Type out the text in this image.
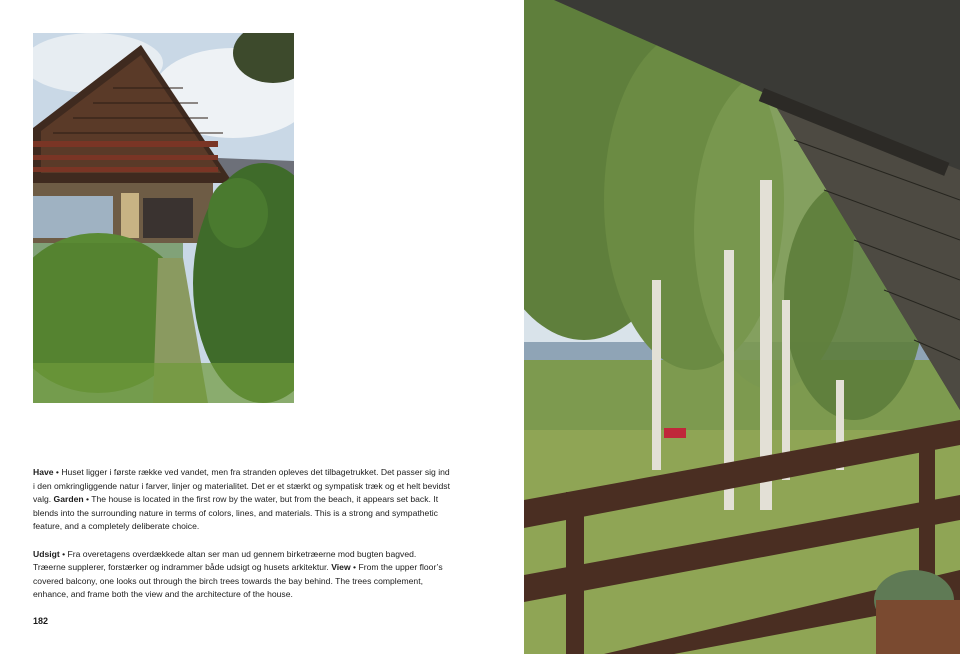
Have • Huset ligger i første række ved vandet, men fra stranden opleves det tilbagetrukket. Det passer sig ind i den omkringliggende natur i farver, linjer og materialitet. Det er et stærkt og sympatisk træk og et helt bevidst valg. Garden • The house is located in the first row by the water, but from the beach, it appears set back. It blends into the surrounding nature in terms of colors, lines, and materials. This is a strong and sympathetic feature, and a completely deliberate choice.

Udsigt • Fra overetagens overdækkede altan ser man ud gennem birketræerne mod bugten bagved. Træerne supplerer, forstærker og indrammer både udsigt og husets arkitektur. View • From the upper floor’s covered balcony, one looks out through the birch trees towards the bay behind. The trees complement, enhance, and frame both the view and the architecture of the house.

182
